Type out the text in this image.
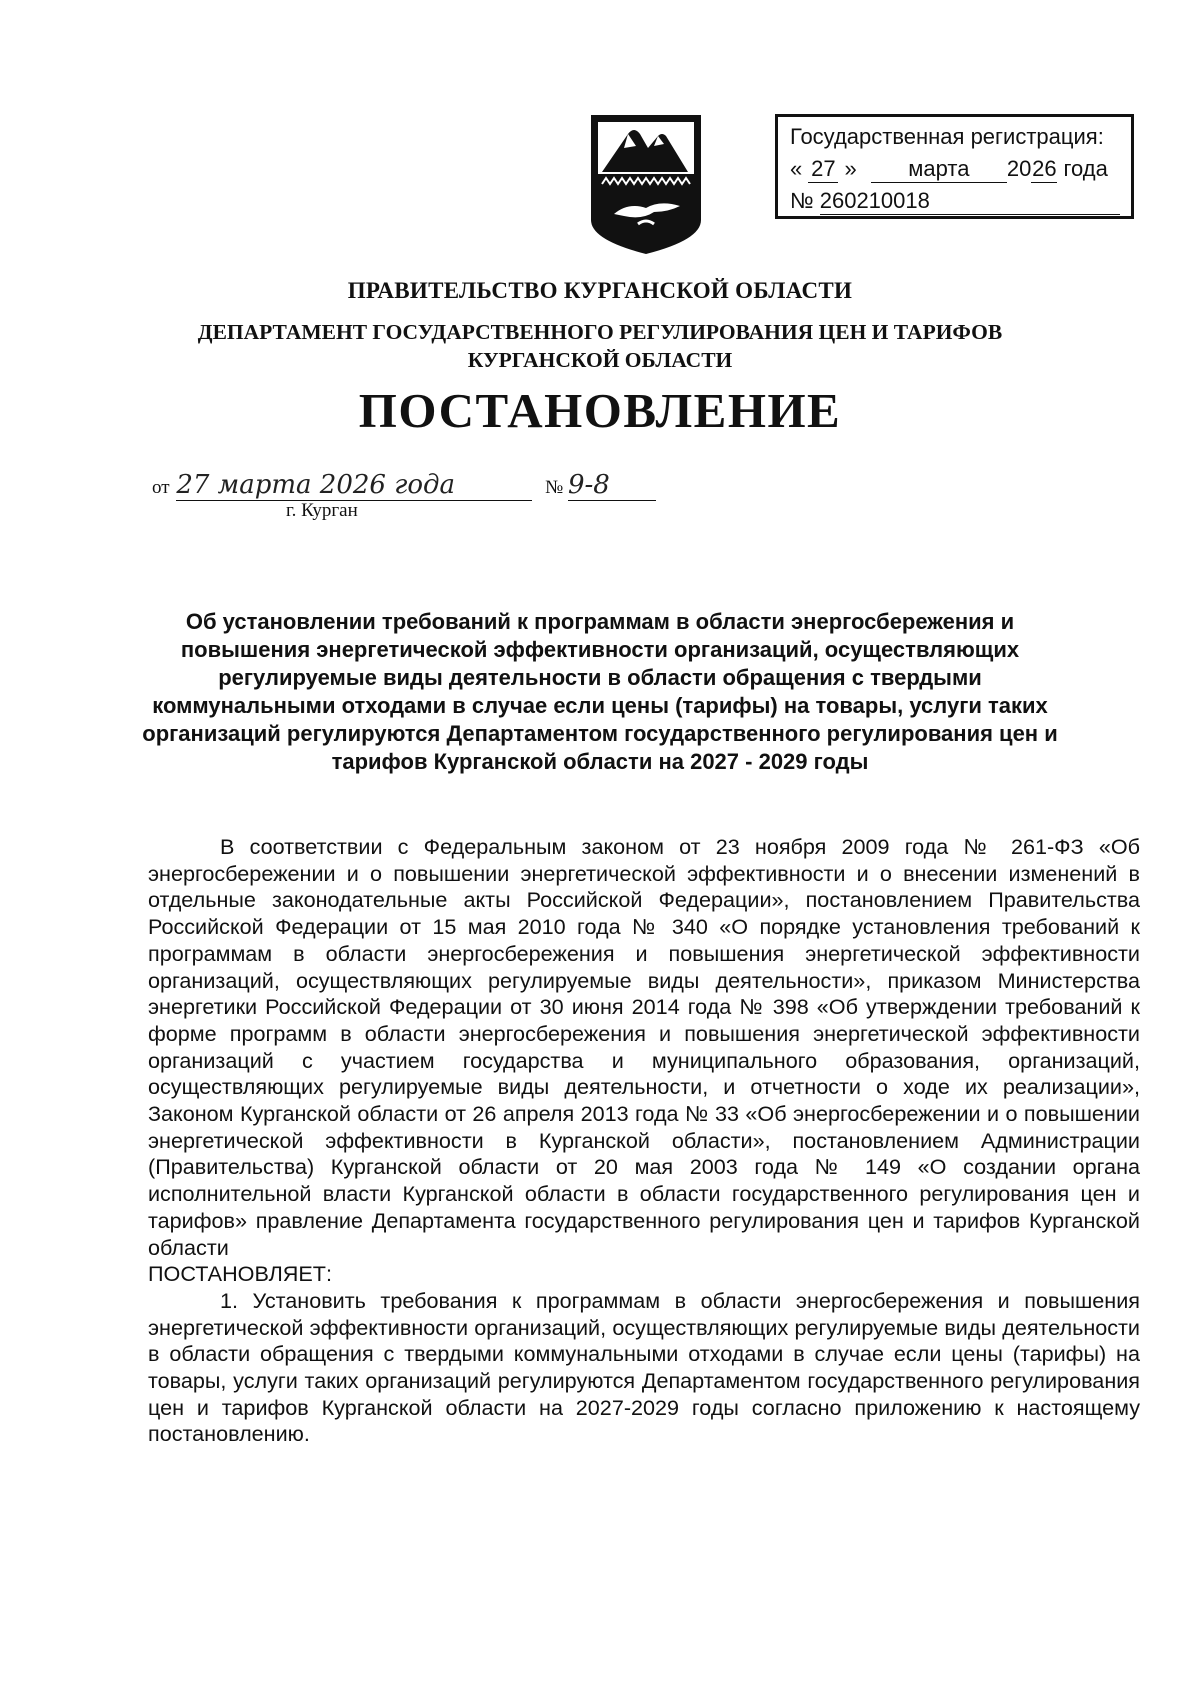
Государственная регистрация:
« 27 » марта 2026 года
№ 260210018
ПРАВИТЕЛЬСТВО КУРГАНСКОЙ ОБЛАСТИ
ДЕПАРТАМЕНТ ГОСУДАРСТВЕННОГО РЕГУЛИРОВАНИЯ ЦЕН И ТАРИФОВ
КУРГАНСКОЙ ОБЛАСТИ
ПОСТАНОВЛЕНИЕ
от 27 марта 2026 года	№ 9-8
г. Курган
Об установлении требований к программам в области энергосбережения и повышения энергетической эффективности организаций, осуществляющих регулируемые виды деятельности в области обращения с твердыми коммунальными отходами в случае если цены (тарифы) на товары, услуги таких организаций регулируются Департаментом государственного регулирования цен и тарифов Курганской области на 2027 - 2029 годы

В соответствии с Федеральным законом от 23 ноября 2009 года № 261-ФЗ «Об энергосбережении и о повышении энергетической эффективности и о внесении изменений в отдельные законодательные акты Российской Федерации», постановлением Правительства Российской Федерации от 15 мая 2010 года № 340 «О порядке установления требований к программам в области энергосбережения и повышения энергетической эффективности организаций, осуществляющих регулируемые виды деятельности», приказом Министерства энергетики Российской Федерации от 30 июня 2014 года № 398 «Об утверждении требований к форме программ в области энергосбережения и повышения энергетической эффективности организаций с участием государства и муниципального образования, организаций, осуществляющих регулируемые виды деятельности, и отчетности о ходе их реализации», Законом Курганской области от 26 апреля 2013 года № 33 «Об энергосбережении и о повышении энергетической эффективности в Курганской области», постановлением Администрации (Правительства) Курганской области от 20 мая 2003 года № 149 «О создании органа исполнительной власти Курганской области в области государственного регулирования цен и тарифов» правление Департамента государственного регулирования цен и тарифов Курганской области

ПОСТАНОВЛЯЕТ:

1. Установить требования к программам в области энергосбережения и повышения энергетической эффективности организаций, осуществляющих регулируемые виды деятельности в области обращения с твердыми коммунальными отходами в случае если цены (тарифы) на товары, услуги таких организаций регулируются Департаментом государственного регулирования цен и тарифов Курганской области на 2027-2029 годы согласно приложению к настоящему постановлению.
